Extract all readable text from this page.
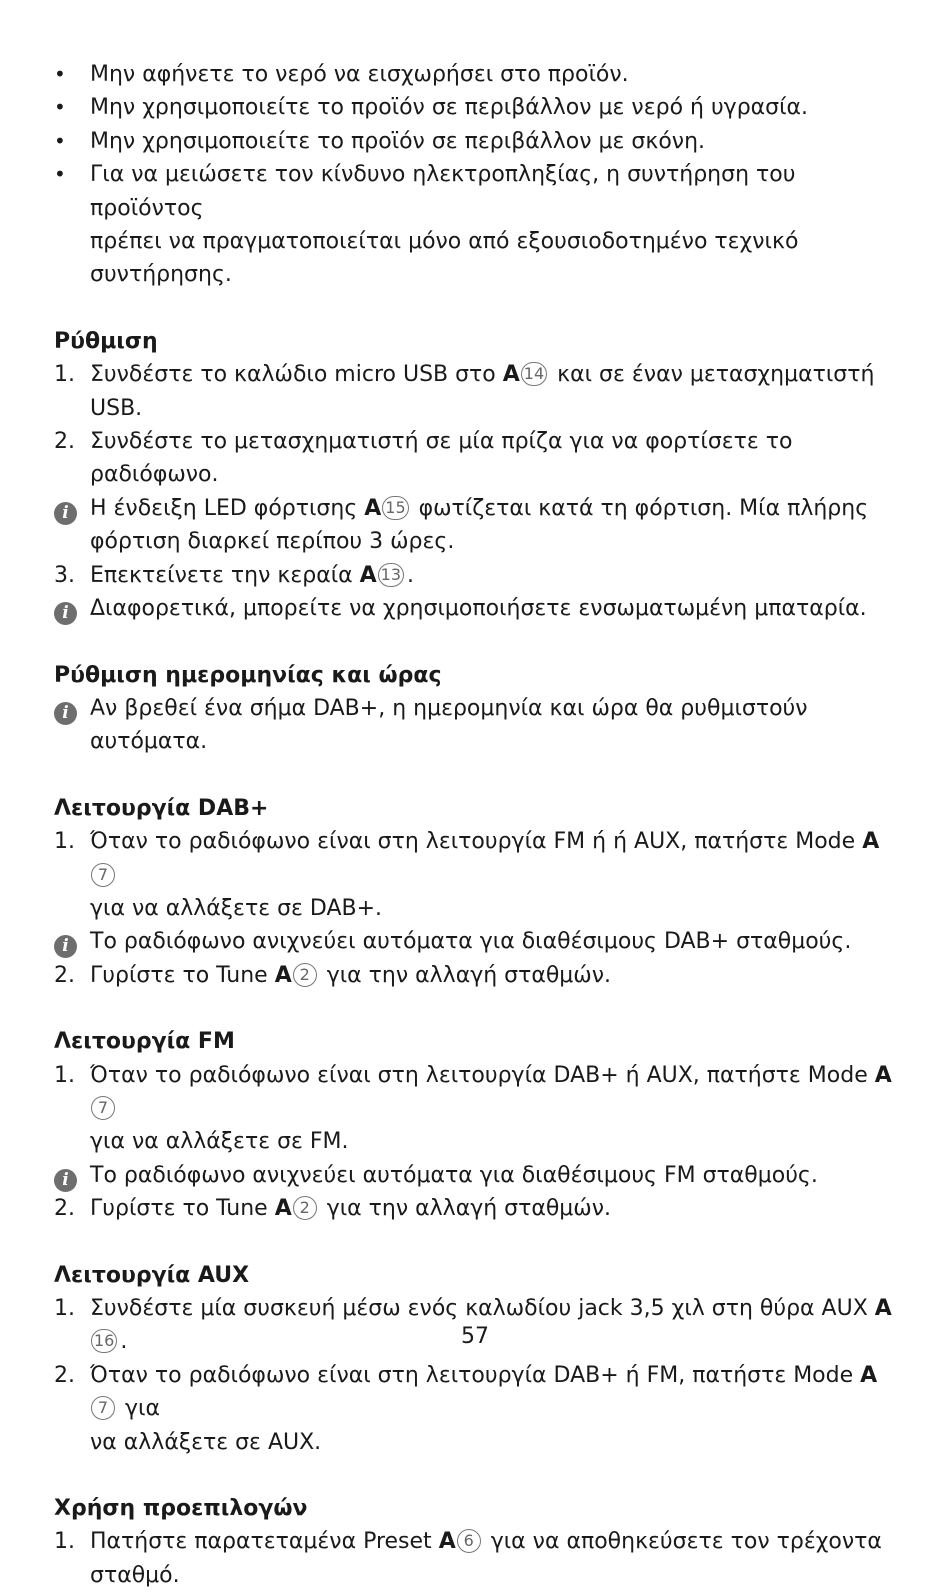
•	Μην αφήνετε το νερό να εισχωρήσει στο προϊόν.
•	Μην χρησιμοποιείτε το προϊόν σε περιβάλλον με νερό ή υγρασία.
•	Μην χρησιμοποιείτε το προϊόν σε περιβάλλον με σκόνη.
•	Για να μειώσετε τον κίνδυνο ηλεκτροπληξίας, η συντήρηση του προϊόντος
πρέπει να πραγματοποιείται μόνο από εξουσιοδοτημένο τεχνικό συντήρησης.
Ρύθμιση
1. Συνδέστε το καλώδιο micro USB στο A 14 και σε έναν μετασχηματιστή USB.
2. Συνδέστε το μετασχηματιστή σε μία πρίζα για να φορτίσετε το ραδιόφωνο.
i Η ένδειξη LED φόρτισης A 15 φωτίζεται κατά τη φόρτιση. Μία πλήρης
φόρτιση διαρκεί περίπου 3 ώρες.
3. Επεκτείνετε την κεραία A 13 .
i Διαφορετικά, μπορείτε να χρησιμοποιήσετε ενσωματωμένη μπαταρία.
Ρύθμιση ημερομηνίας και ώρας
i Αν βρεθεί ένα σήμα DAB+, η ημερομηνία και ώρα θα ρυθμιστούν αυτόματα.
Λειτουργία DAB+
1. Όταν το ραδιόφωνο είναι στη λειτουργία FM ή ή AUX, πατήστε Mode A7
για να αλλάξετε σε DAB+.
i Το ραδιόφωνο ανιχνεύει αυτόματα για διαθέσιμους DAB+ σταθμούς.
2. Γυρίστε το Tune A 2 για την αλλαγή σταθμών.
Λειτουργία FM
1. Όταν το ραδιόφωνο είναι στη λειτουργία DAB+ ή AUX, πατήστε Mode A7
για να αλλάξετε σε FM.
i Το ραδιόφωνο ανιχνεύει αυτόματα για διαθέσιμους FM σταθμούς.
2. Γυρίστε το Tune A 2 για την αλλαγή σταθμών.
Λειτουργία AUX
1. Συνδέστε μία συσκευή μέσω ενός καλωδίου jack 3,5 χιλ στη θύρα AUX A16 .
2. Όταν το ραδιόφωνο είναι στη λειτουργία DAB+ ή FM, πατήστε Mode A7 για
να αλλάξετε σε AUX.
Χρήση προεπιλογών
1. Πατήστε παρατεταμένα Preset A 6 για να αποθηκεύσετε τον τρέχοντα
σταθμό.
57
